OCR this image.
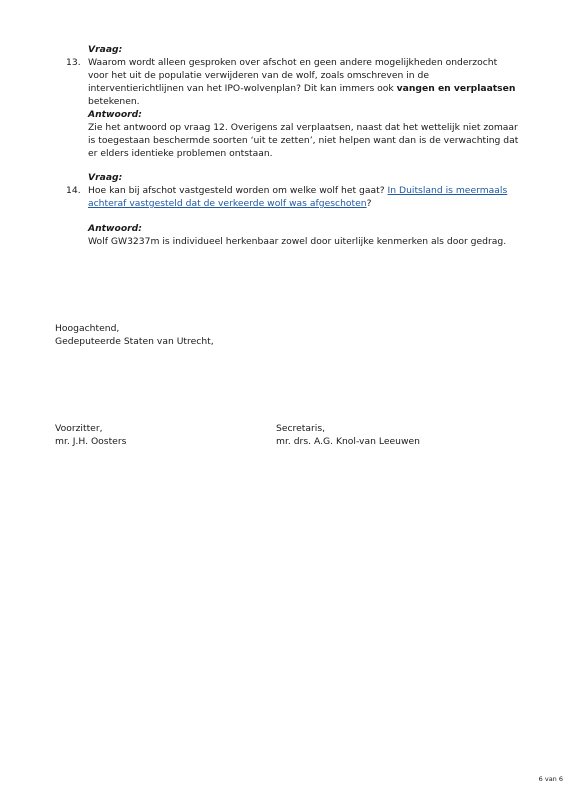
Vraag:
13. Waarom wordt alleen gesproken over afschot en geen andere mogelijkheden onderzocht voor het uit de populatie verwijderen van de wolf, zoals omschreven in de interventierichtlijnen van het IPO-wolvenplan? Dit kan immers ook vangen en verplaatsen betekenen.

Antwoord:

Zie het antwoord op vraag 12. Overigens zal verplaatsen, naast dat het wettelijk niet zomaar is toegestaan beschermde soorten ‘uit te zetten’, niet helpen want dan is de verwachting dat er elders identieke problemen ontstaan.

Vraag:
14. Hoe kan bij afschot vastgesteld worden om welke wolf het gaat? In Duitsland is meermaals achteraf vastgesteld dat de verkeerde wolf was afgeschoten?

Antwoord:

Wolf GW3237m is individueel herkenbaar zowel door uiterlijke kenmerken als door gedrag.

Hoogachtend,
Gedeputeerde Staten van Utrecht,
Voorzitter,
mr. J.H. Oosters
Secretaris,
mr. drs. A.G. Knol-van Leeuwen
6 van 6
